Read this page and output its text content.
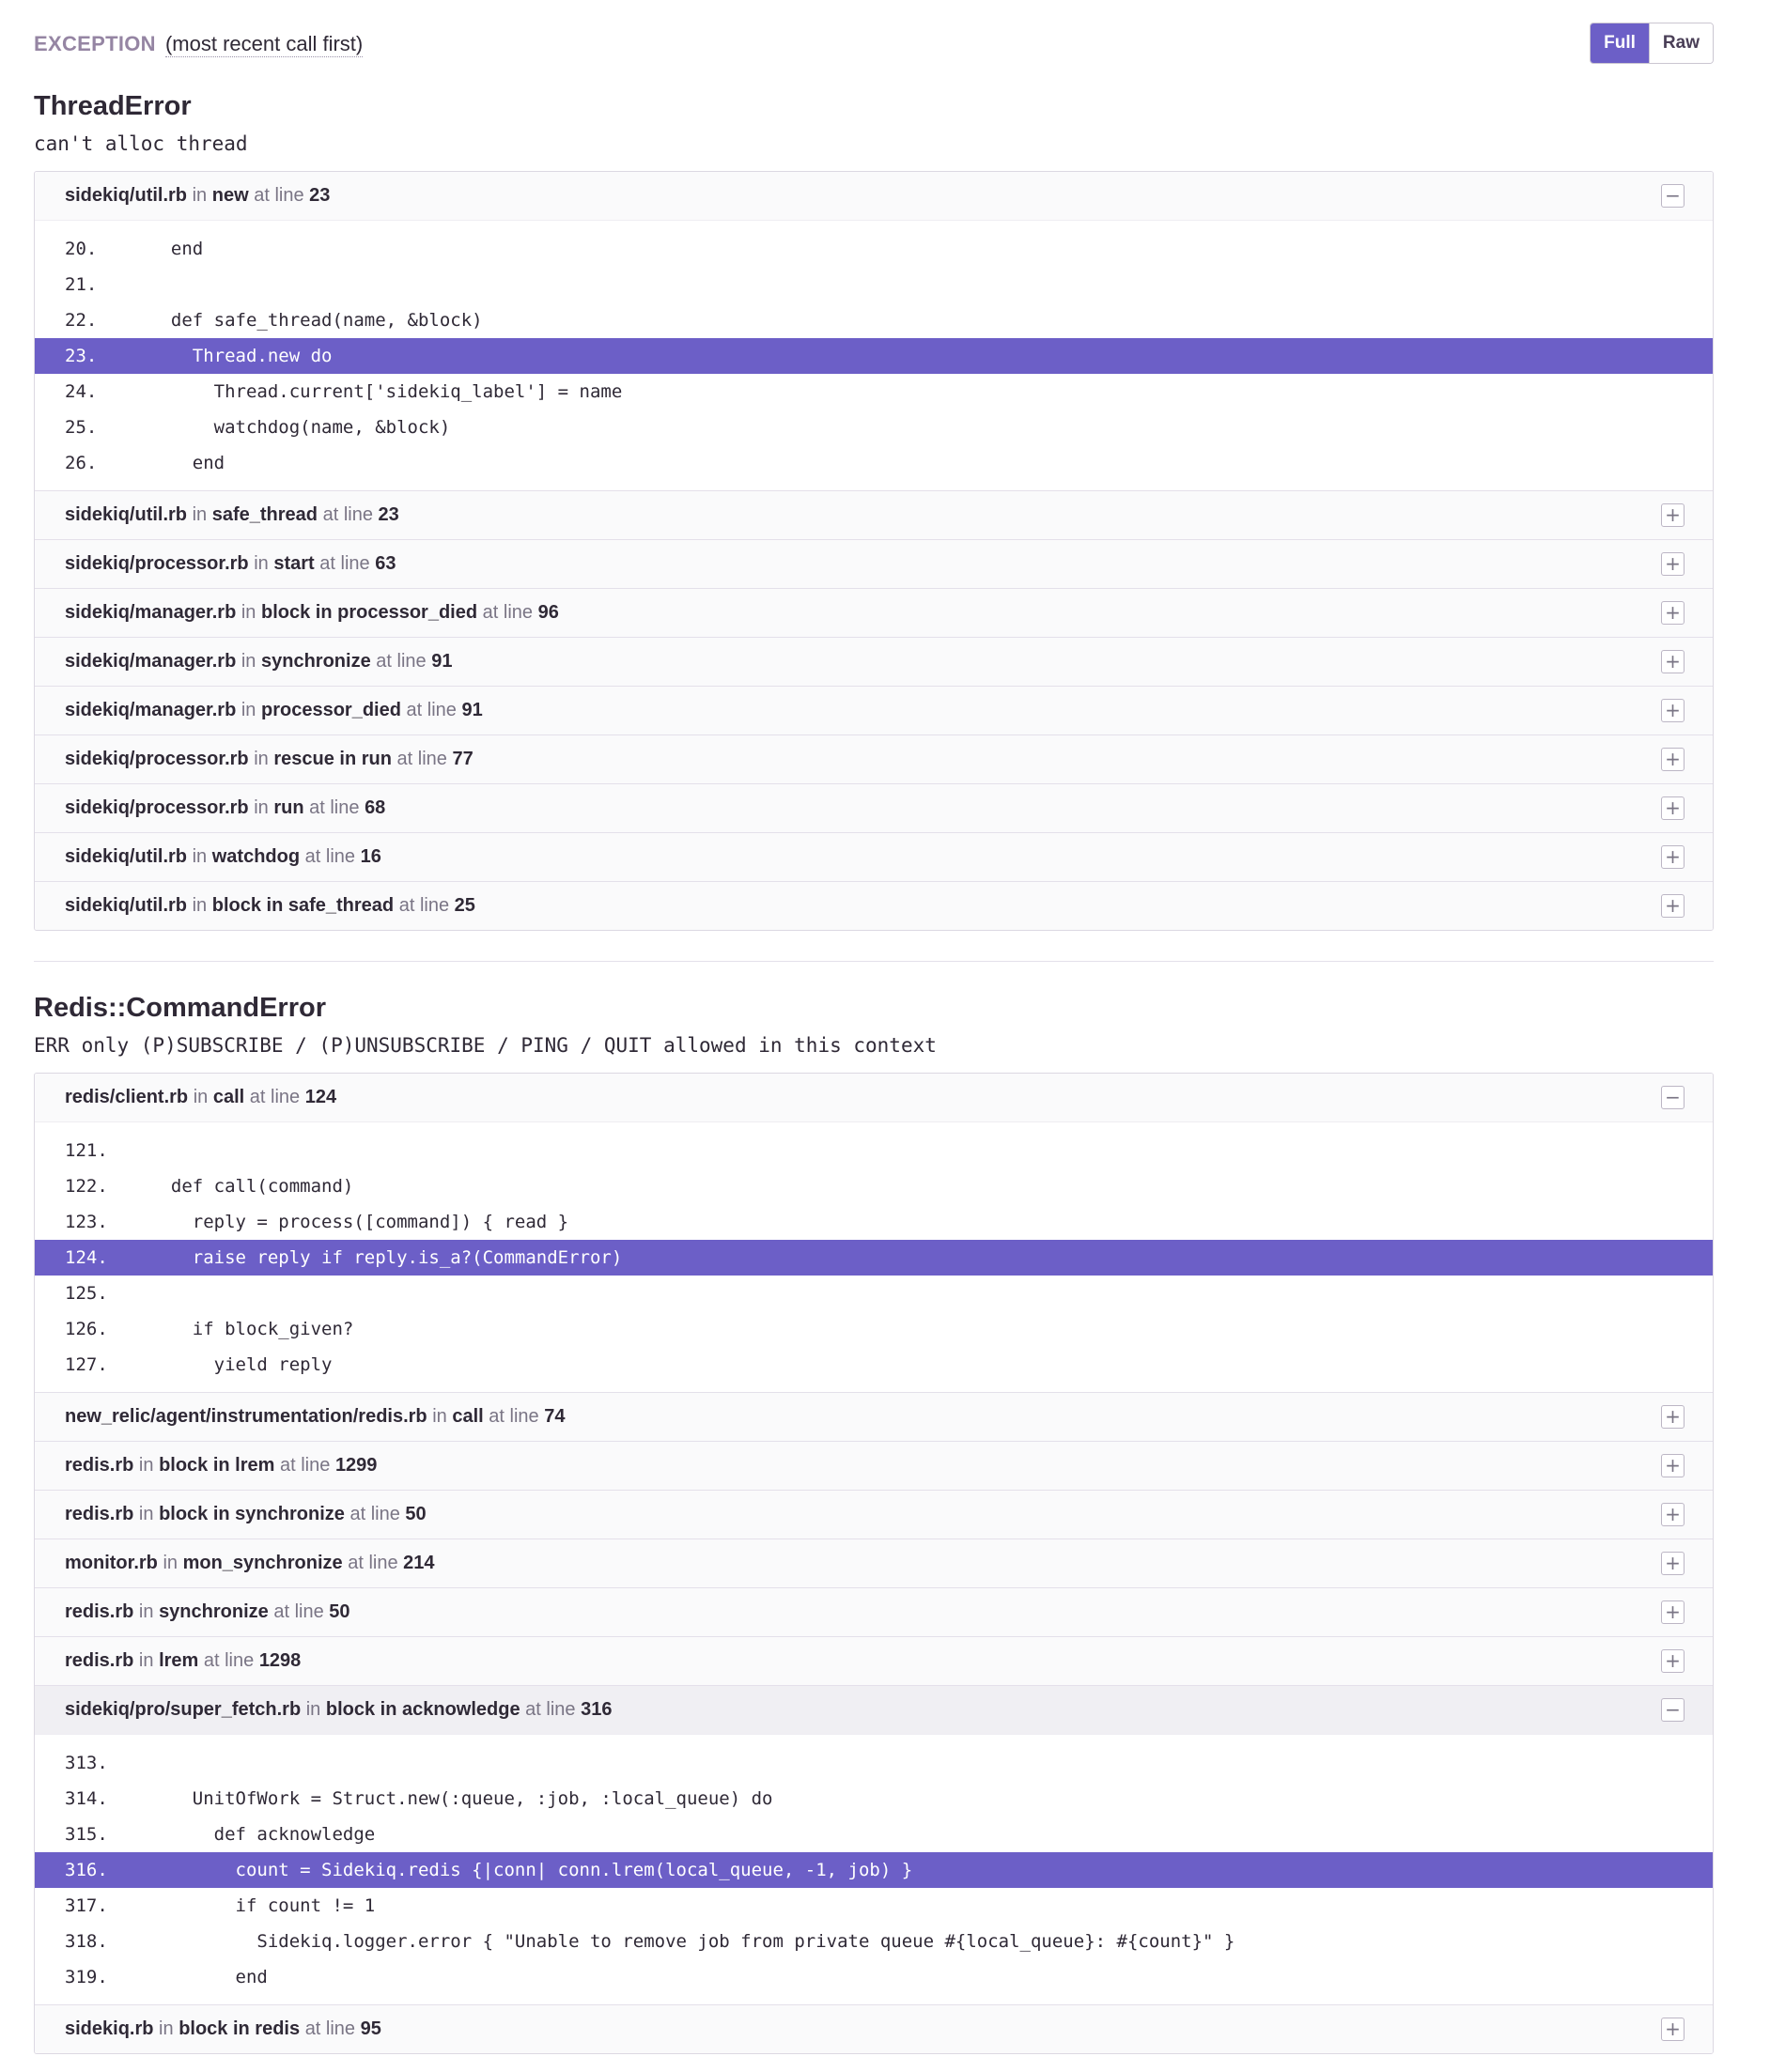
EXCEPTION (most recent call first)	Full	Raw
ThreadError
can't alloc thread
sidekiq/util.rb in new at line 23	−
20.	end
21.
22.	def safe_thread(name, &block)
23.	Thread.new do
24.	Thread.current['sidekiq_label'] = name
25.	watchdog(name, &block)
26.	end
sidekiq/util.rb in safe_thread at line 23	+
sidekiq/processor.rb in start at line 63	+
sidekiq/manager.rb in block in processor_died at line 96	+
sidekiq/manager.rb in synchronize at line 91	+
sidekiq/manager.rb in processor_died at line 91	+
sidekiq/processor.rb in rescue in run at line 77	+
sidekiq/processor.rb in run at line 68	+
sidekiq/util.rb in watchdog at line 16	+
sidekiq/util.rb in block in safe_thread at line 25	+
Redis::CommandError
ERR only (P)SUBSCRIBE / (P)UNSUBSCRIBE / PING / QUIT allowed in this context
redis/client.rb in call at line 124	−
121.
122.	def call(command)
123.	reply = process([command]) { read }
124.	raise reply if reply.is_a?(CommandError)
125.
126.	if block_given?
127.	yield reply
new_relic/agent/instrumentation/redis.rb in call at line 74	+
redis.rb in block in lrem at line 1299	+
redis.rb in block in synchronize at line 50	+
monitor.rb in mon_synchronize at line 214	+
redis.rb in synchronize at line 50	+
redis.rb in lrem at line 1298	+
sidekiq/pro/super_fetch.rb in block in acknowledge at line 316	−
313.
314.	UnitOfWork = Struct.new(:queue, :job, :local_queue) do
315.	def acknowledge
316.	count = Sidekiq.redis {|conn| conn.lrem(local_queue, -1, job) }
317.	if count != 1
318.	Sidekiq.logger.error { "Unable to remove job from private queue #{local_queue}: #{count}" }
319.	end
sidekiq.rb in block in redis at line 95	+
